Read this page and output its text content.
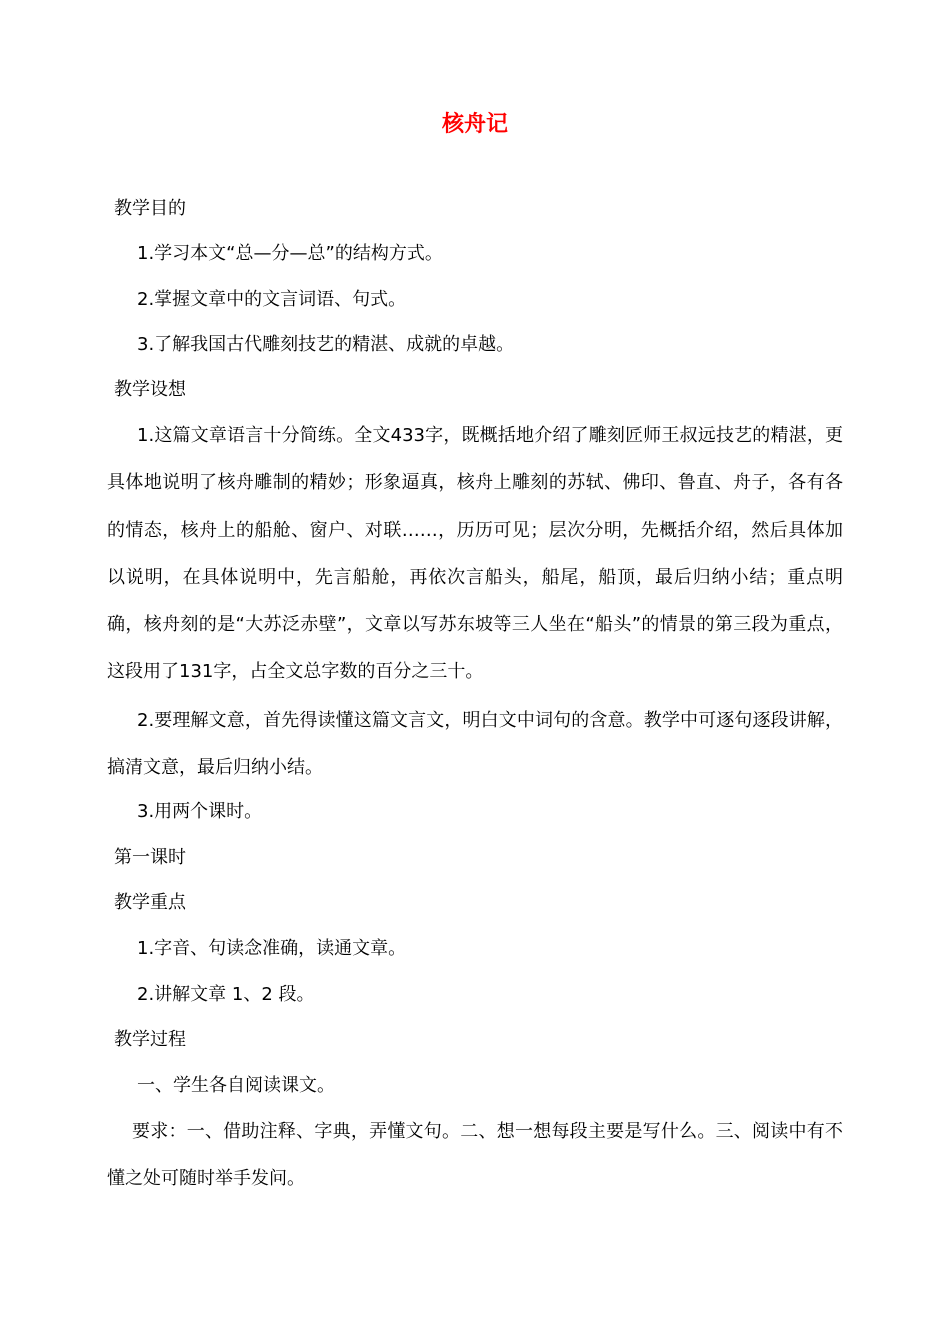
核舟记
教学目的
1.学习本文“总—分—总”的结构方式。
2.掌握文章中的文言词语、句式。
3.了解我国古代雕刻技艺的精湛、成就的卓越。
教学设想
1.这篇文章语言十分简练。全文433字，既概括地介绍了雕刻匠师王叔远技艺的精湛，更具体地说明了核舟雕制的精妙；形象逼真，核舟上雕刻的苏轼、佛印、鲁直、舟子，各有各的情态，核舟上的船舱、窗户、对联……，历历可见；层次分明，先概括介绍，然后具体加以说明，在具体说明中，先言船舱，再依次言船头，船尾，船顶，最后归纳小结；重点明确，核舟刻的是“大苏泛赤壁”，文章以写苏东坡等三人坐在“船头”的情景的第三段为重点，这段用了131字，占全文总字数的百分之三十。
2.要理解文意，首先得读懂这篇文言文，明白文中词句的含意。教学中可逐句逐段讲解，搞清文意，最后归纳小结。
3.用两个课时。
第一课时
教学重点
1.字音、句读念准确，读通文章。
2.讲解文章 1、2 段。
教学过程
一、学生各自阅读课文。
要求：一、借助注释、字典，弄懂文句。二、想一想每段主要是写什么。三、阅读中有不懂之处可随时举手发问。
